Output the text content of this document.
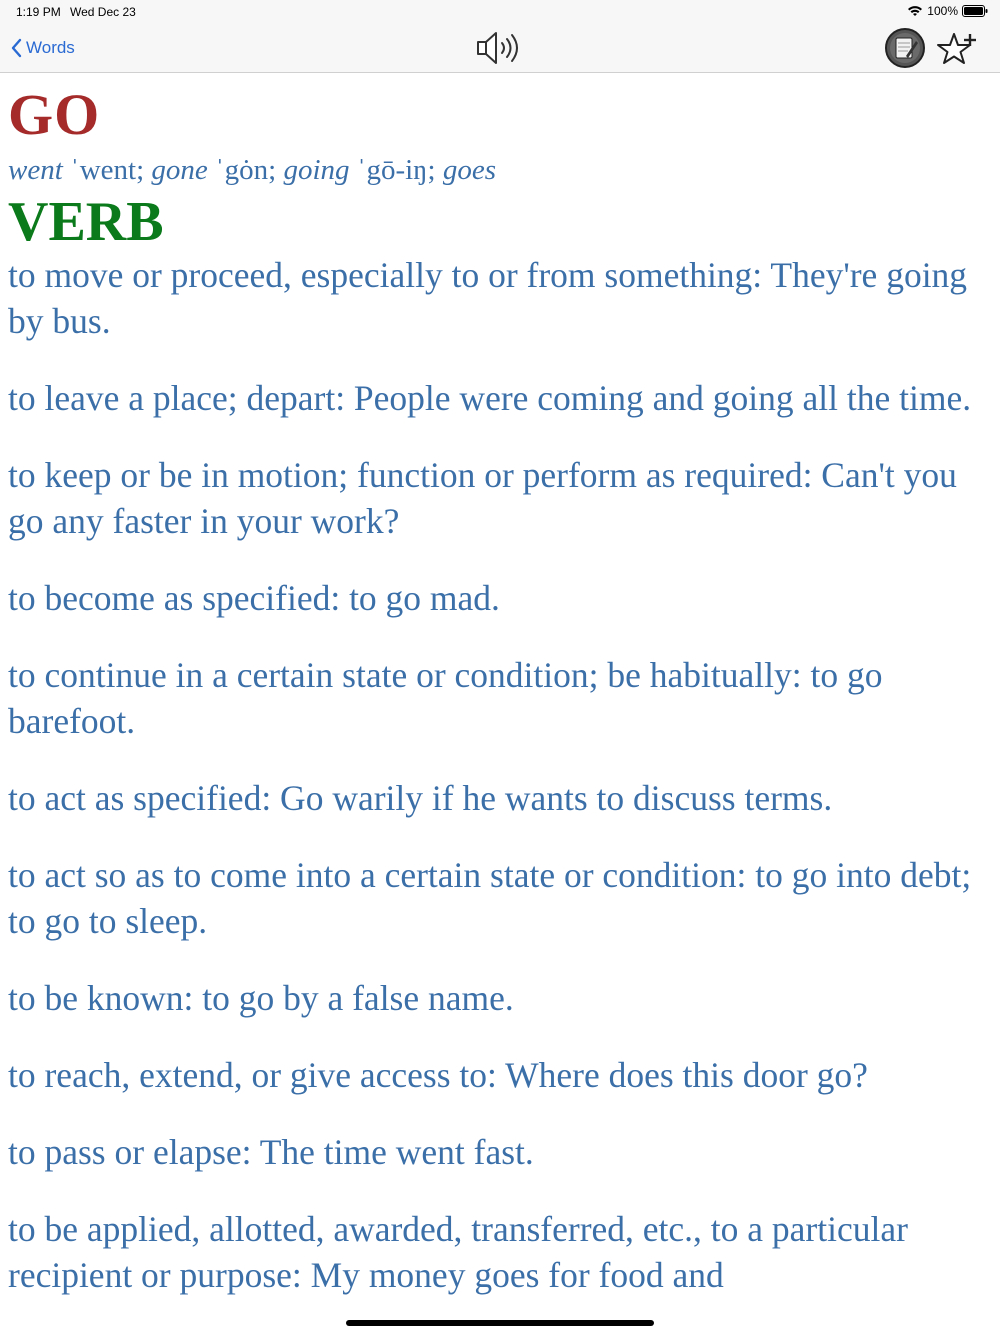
1:19 PM Wed Dec 23	100%
Words
GO

went ˈwent; gone ˈgȯn; going ˈgō-iŋ; goes

VERB

to move or proceed, especially to or from something: They're going by bus.

to leave a place; depart: People were coming and going all the time.

to keep or be in motion; function or perform as required: Can't you go any faster in your work?

to become as specified: to go mad.

to continue in a certain state or condition; be habitually: to go barefoot.

to act as specified: Go warily if he wants to discuss terms.

to act so as to come into a certain state or condition: to go into debt; to go to sleep.

to be known: to go by a false name.

to reach, extend, or give access to: Where does this door go?

to pass or elapse: The time went fast.

to be applied, allotted, awarded, transferred, etc., to a particular recipient or purpose: My money goes for food and
